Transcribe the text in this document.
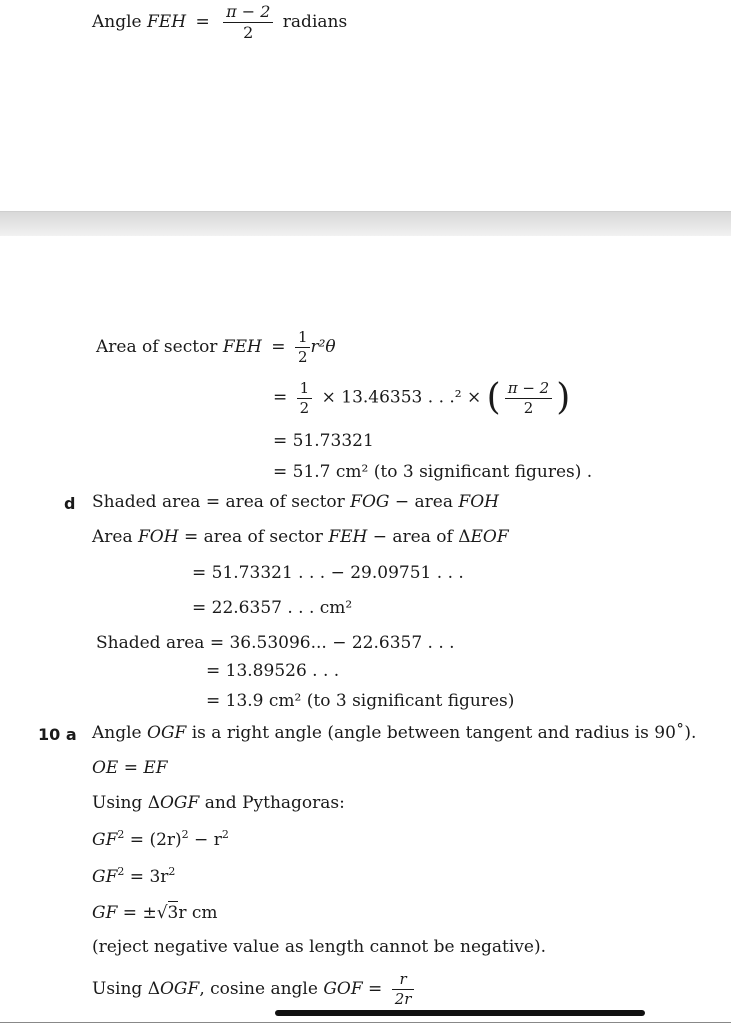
Angle FEH = $\frac{\pi - 2}{2}$ radians
Area of sector FEH = $\frac{1}{2} r^2\theta$
= $\frac{1}{2} \times 13.46353$ . . .² × ( $\frac{\pi - 2}{2}$ )
= 51.73321
= 51.7 cm² (to 3 significant figures) .
d Shaded area = area of sector FOG − area FOH
Area FOH = area of sector FEH − area of ΔEOF
= 51.73321 . . . − 29.09751 . . .
= 22.6357 . . . cm²
Shaded area = 36.53096... − 22.6357 . . .
= 13.89526 . . .
= 13.9 cm² (to 3 significant figures)
10 a Angle OGF is a right angle (angle between tangent and radius is 90˚).
OE = EF
Using ΔOGF and Pythagoras:
$GF^2 = (2r)^2 - r^2$
$GF^2 = 3r^2$
GF = ±√3r cm
(reject negative value as length cannot be negative).
Using ΔOGF, cosine angle GOF = $\frac{r}{2r}$
